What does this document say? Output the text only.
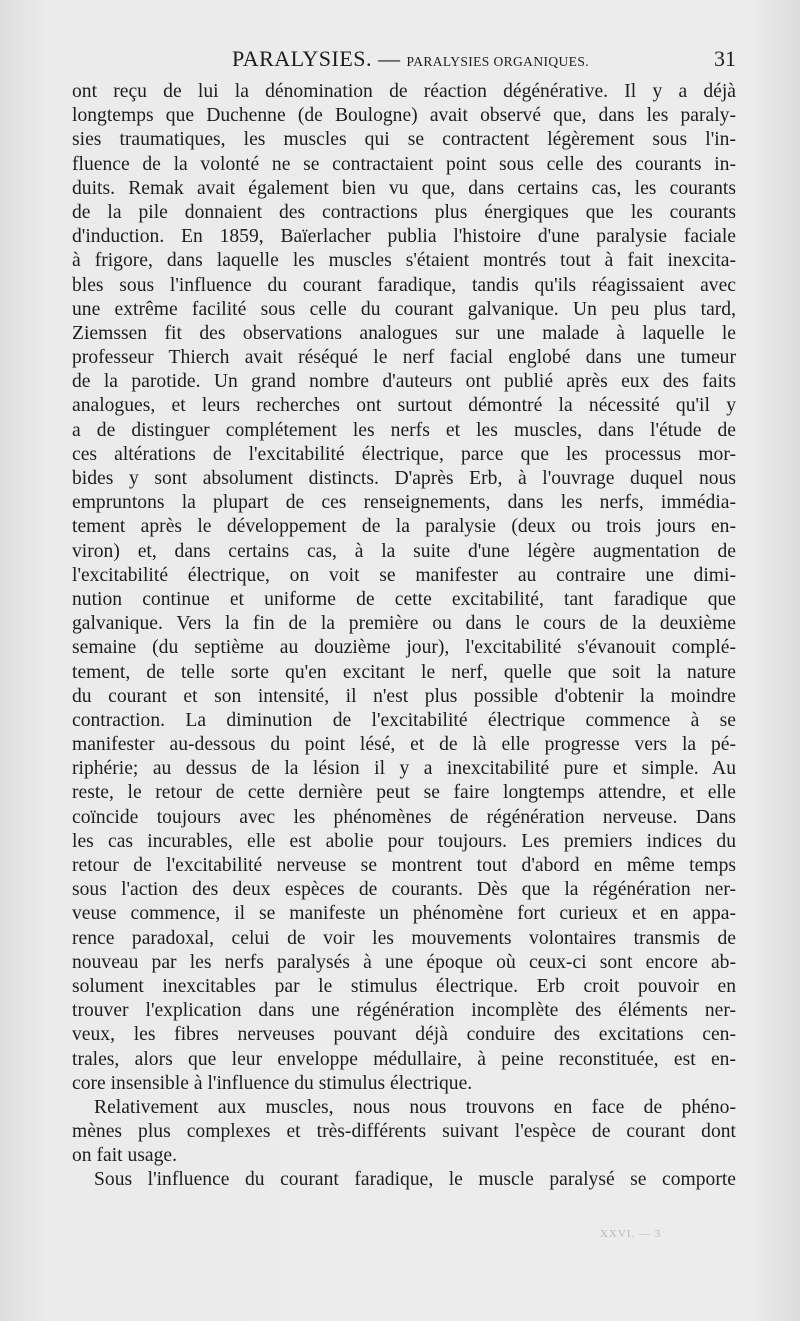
PARALYSIES. — PARALYSIES ORGANIQUES.	31

ont reçu de lui la dénomination de réaction dégénérative. Il y a déjà
longtemps que Duchenne (de Boulogne) avait observé que, dans les paraly-
sies traumatiques, les muscles qui se contractent légèrement sous l'in-
fluence de la volonté ne se contractaient point sous celle des courants in-
duits. Remak avait également bien vu que, dans certains cas, les courants
de la pile donnaient des contractions plus énergiques que les courants
d'induction. En 1859, Baïerlacher publia l'histoire d'une paralysie faciale
à frigore, dans laquelle les muscles s'étaient montrés tout à fait inexcita-
bles sous l'influence du courant faradique, tandis qu'ils réagissaient avec
une extrême facilité sous celle du courant galvanique. Un peu plus tard,
Ziemssen fit des observations analogues sur une malade à laquelle le
professeur Thierch avait réséqué le nerf facial englobé dans une tumeur
de la parotide. Un grand nombre d'auteurs ont publié après eux des faits
analogues, et leurs recherches ont surtout démontré la nécessité qu'il y
a de distinguer complétement les nerfs et les muscles, dans l'étude de
ces altérations de l'excitabilité électrique, parce que les processus mor-
bides y sont absolument distincts. D'après Erb, à l'ouvrage duquel nous
empruntons la plupart de ces renseignements, dans les nerfs, immédia-
tement après le développement de la paralysie (deux ou trois jours en-
viron) et, dans certains cas, à la suite d'une légère augmentation de
l'excitabilité électrique, on voit se manifester au contraire une dimi-
nution continue et uniforme de cette excitabilité, tant faradique que
galvanique. Vers la fin de la première ou dans le cours de la deuxième
semaine (du septième au douzième jour), l'excitabilité s'évanouit complé-
tement, de telle sorte qu'en excitant le nerf, quelle que soit la nature
du courant et son intensité, il n'est plus possible d'obtenir la moindre
contraction. La diminution de l'excitabilité électrique commence à se
manifester au-dessous du point lésé, et de là elle progresse vers la pé-
riphérie; au dessus de la lésion il y a inexcitabilité pure et simple. Au
reste, le retour de cette dernière peut se faire longtemps attendre, et elle
coïncide toujours avec les phénomènes de régénération nerveuse. Dans
les cas incurables, elle est abolie pour toujours. Les premiers indices du
retour de l'excitabilité nerveuse se montrent tout d'abord en même temps
sous l'action des deux espèces de courants. Dès que la régénération ner-
veuse commence, il se manifeste un phénomène fort curieux et en appa-
rence paradoxal, celui de voir les mouvements volontaires transmis de
nouveau par les nerfs paralysés à une époque où ceux-ci sont encore ab-
solument inexcitables par le stimulus électrique. Erb croit pouvoir en
trouver l'explication dans une régénération incomplète des éléments ner-
veux, les fibres nerveuses pouvant déjà conduire des excitations cen-
trales, alors que leur enveloppe médullaire, à peine reconstituée, est en-
core insensible à l'influence du stimulus électrique.

Relativement aux muscles, nous nous trouvons en face de phéno-
mènes plus complexes et très-différents suivant l'espèce de courant dont
on fait usage.

Sous l'influence du courant faradique, le muscle paralysé se comporte

XXVI. — 3
